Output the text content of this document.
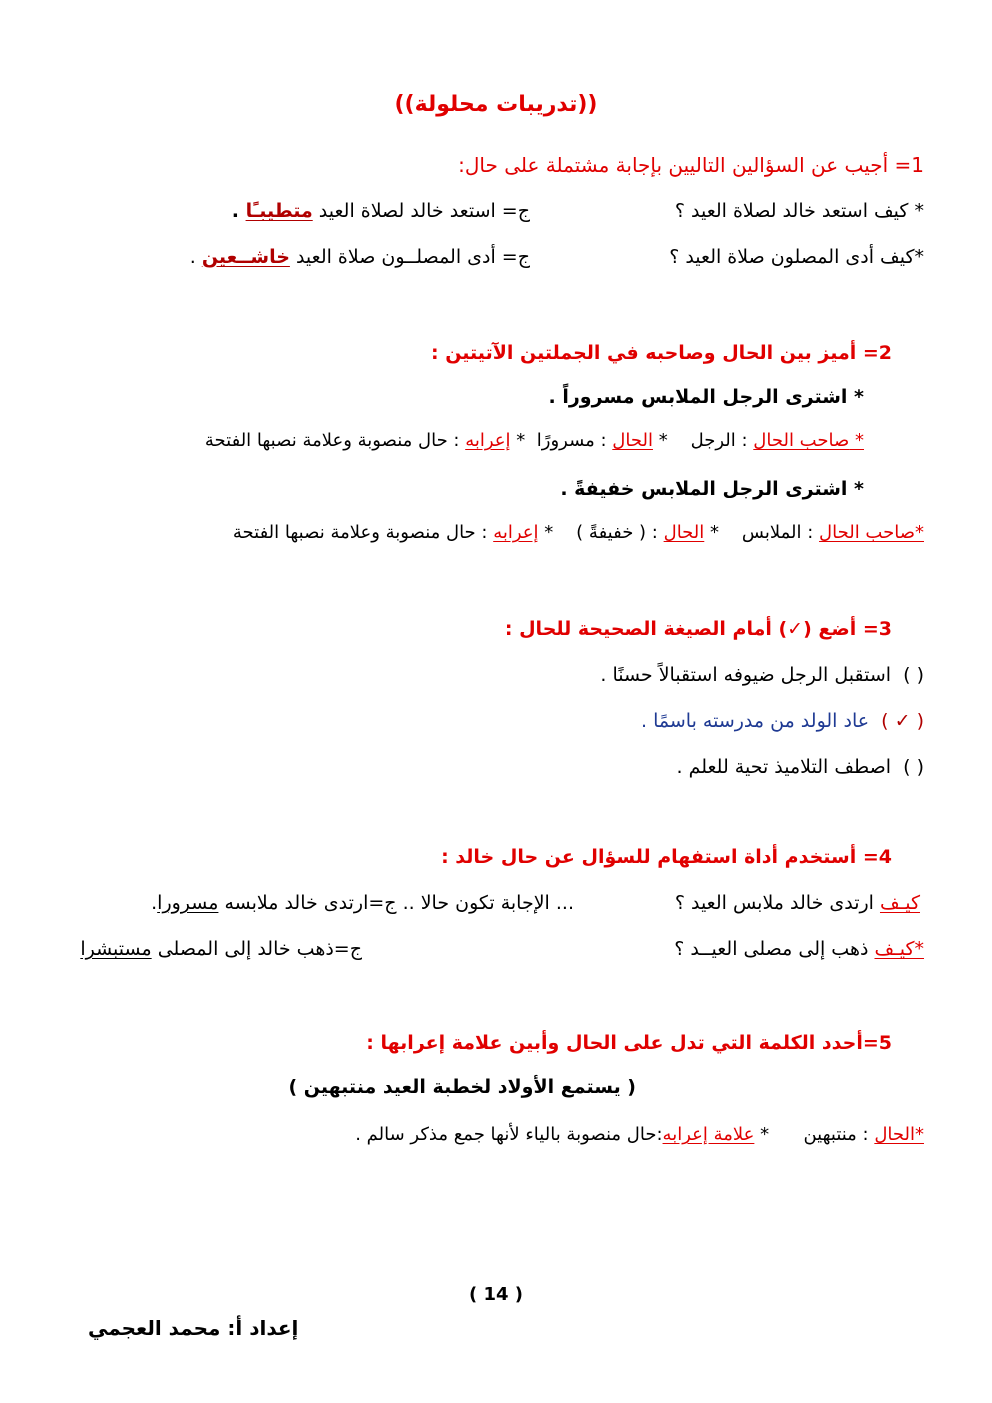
((تدريبات محلولة))
1= أجيب عن السؤالين التاليين بإجابة مشتملة على حال:
* كيف استعد خالد لصلاة العيد ؟
ج= استعد خالد لصلاة العيد متطيبـًا .
*كيف أدى المصلون صلاة العيد ؟
ج= أدى المصلــون صلاة العيد خاشــعين .
2= أميز بين الحال وصاحبه في الجملتين الآتيتين :
* اشترى الرجل الملابس مسروراً .
* صاحب الحال : الرجل    * الحال : مسرورًا  * إعرابه : حال منصوبة وعلامة نصبها الفتحة
* اشترى الرجل الملابس خفيفةً .
*صاحب الحال : الملابس    * الحال : ( خفيفةً )    * إعرابه : حال منصوبة وعلامة نصبها الفتحة
3= أضع (✓) أمام الصيغة الصحيحة للحال :
( )  استقبل الرجل ضيوفه استقبالاً حسنًا .
( ✓ )  عاد الولد من مدرسته باسمًا .
( )  اصطف التلاميذ تحية للعلم .
4= أستخدم أداة استفهام للسؤال عن حال خالد :
كيـف ارتدى خالد ملابس العيد ؟
... الإجابة تكون حالا .. ج=ارتدى خالد ملابسه مسرورا.
*كيـف ذهب إلى مصلى العيــد ؟
ج=ذهب خالد إلى المصلى مستبشرا
5=أحدد الكلمة التي تدل على الحال وأبين علامة إعرابها :
( يستمع الأولاد لخطبة العيد منتبهين )
*الحال : منتبهين      * علامة إعرابه:حال منصوبة بالياء لأنها جمع مذكر سالم .
( 14 )
إعداد أ: محمد العجمي
